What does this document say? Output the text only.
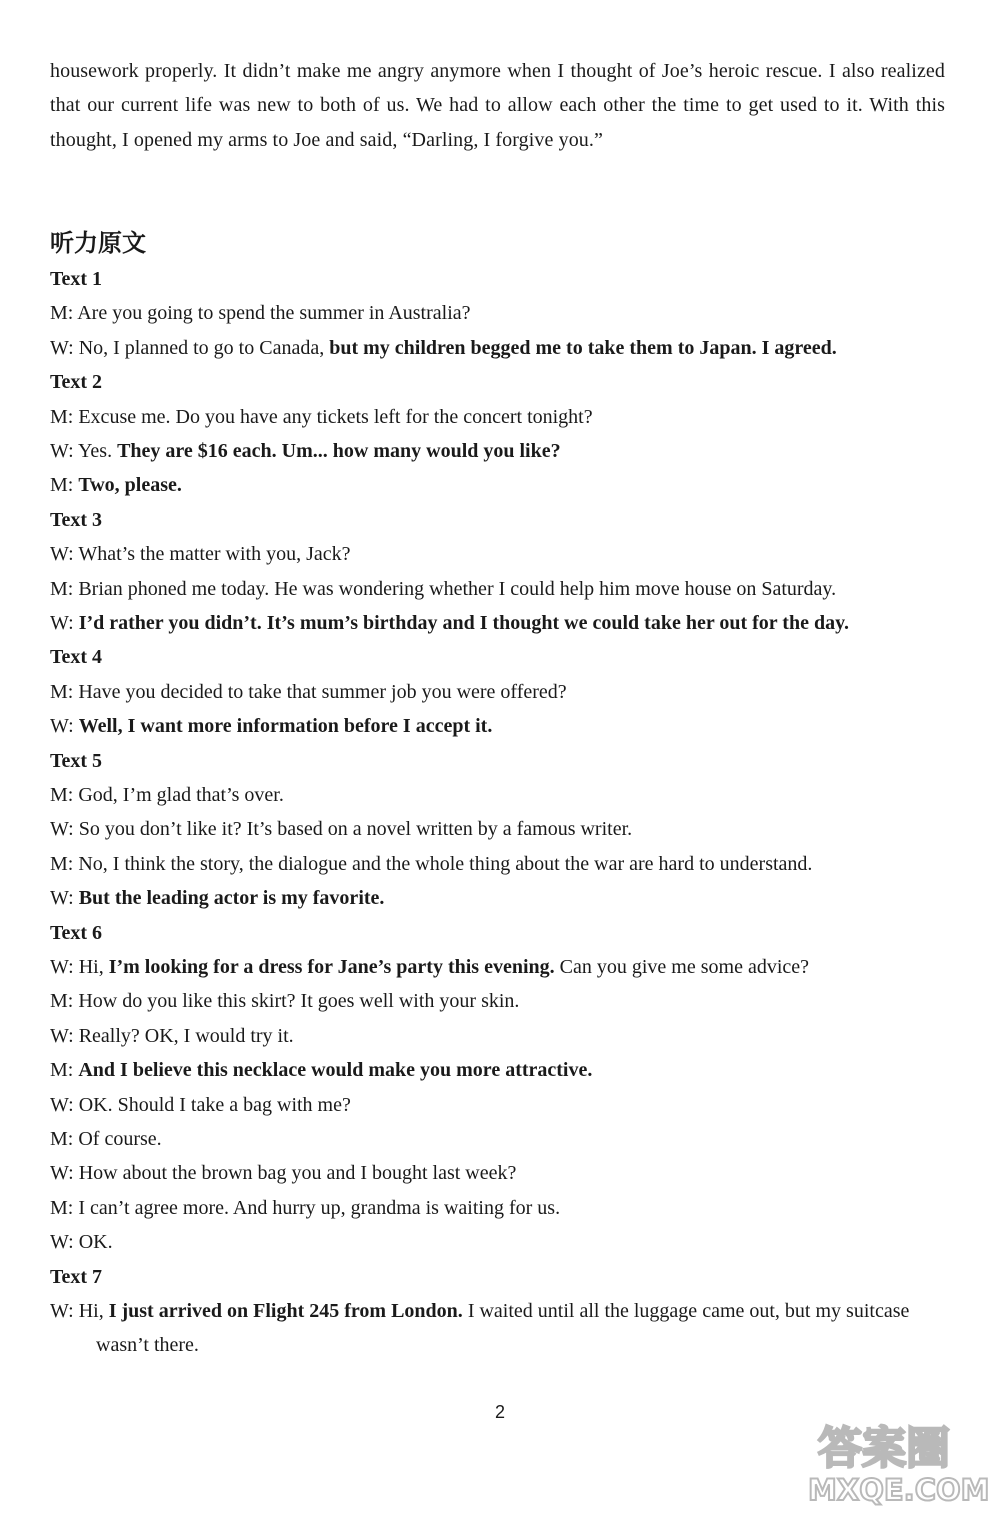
housework properly. It didn’t make me angry anymore when I thought of Joe’s heroic rescue. I also realized that our current life was new to both of us. We had to allow each other the time to get used to it. With this thought, I opened my arms to Joe and said, “Darling, I forgive you.”

听力原文

Text 1

M: Are you going to spend the summer in Australia?

W: No, I planned to go to Canada, but my children begged me to take them to Japan. I agreed.

Text 2

M: Excuse me. Do you have any tickets left for the concert tonight?

W: Yes. They are $16 each. Um... how many would you like?

M: Two, please.

Text 3

W: What’s the matter with you, Jack?

M: Brian phoned me today. He was wondering whether I could help him move house on Saturday.

W: I’d rather you didn’t. It’s mum’s birthday and I thought we could take her out for the day.

Text 4

M: Have you decided to take that summer job you were offered?

W: Well, I want more information before I accept it.

Text 5

M: God, I’m glad that’s over.

W: So you don’t like it? It’s based on a novel written by a famous writer.

M: No, I think the story, the dialogue and the whole thing about the war are hard to understand.

W: But the leading actor is my favorite.

Text 6

W: Hi, I’m looking for a dress for Jane’s party this evening. Can you give me some advice?

M: How do you like this skirt? It goes well with your skin.

W: Really? OK, I would try it.

M: And I believe this necklace would make you more attractive.

W: OK. Should I take a bag with me?

M: Of course.

W: How about the brown bag you and I bought last week?

M: I can’t agree more. And hurry up, grandma is waiting for us.

W: OK.

Text 7

W: Hi, I just arrived on Flight 245 from London. I waited until all the luggage came out, but my suitcase wasn’t there.

2
答案圈
MXQE.COM
